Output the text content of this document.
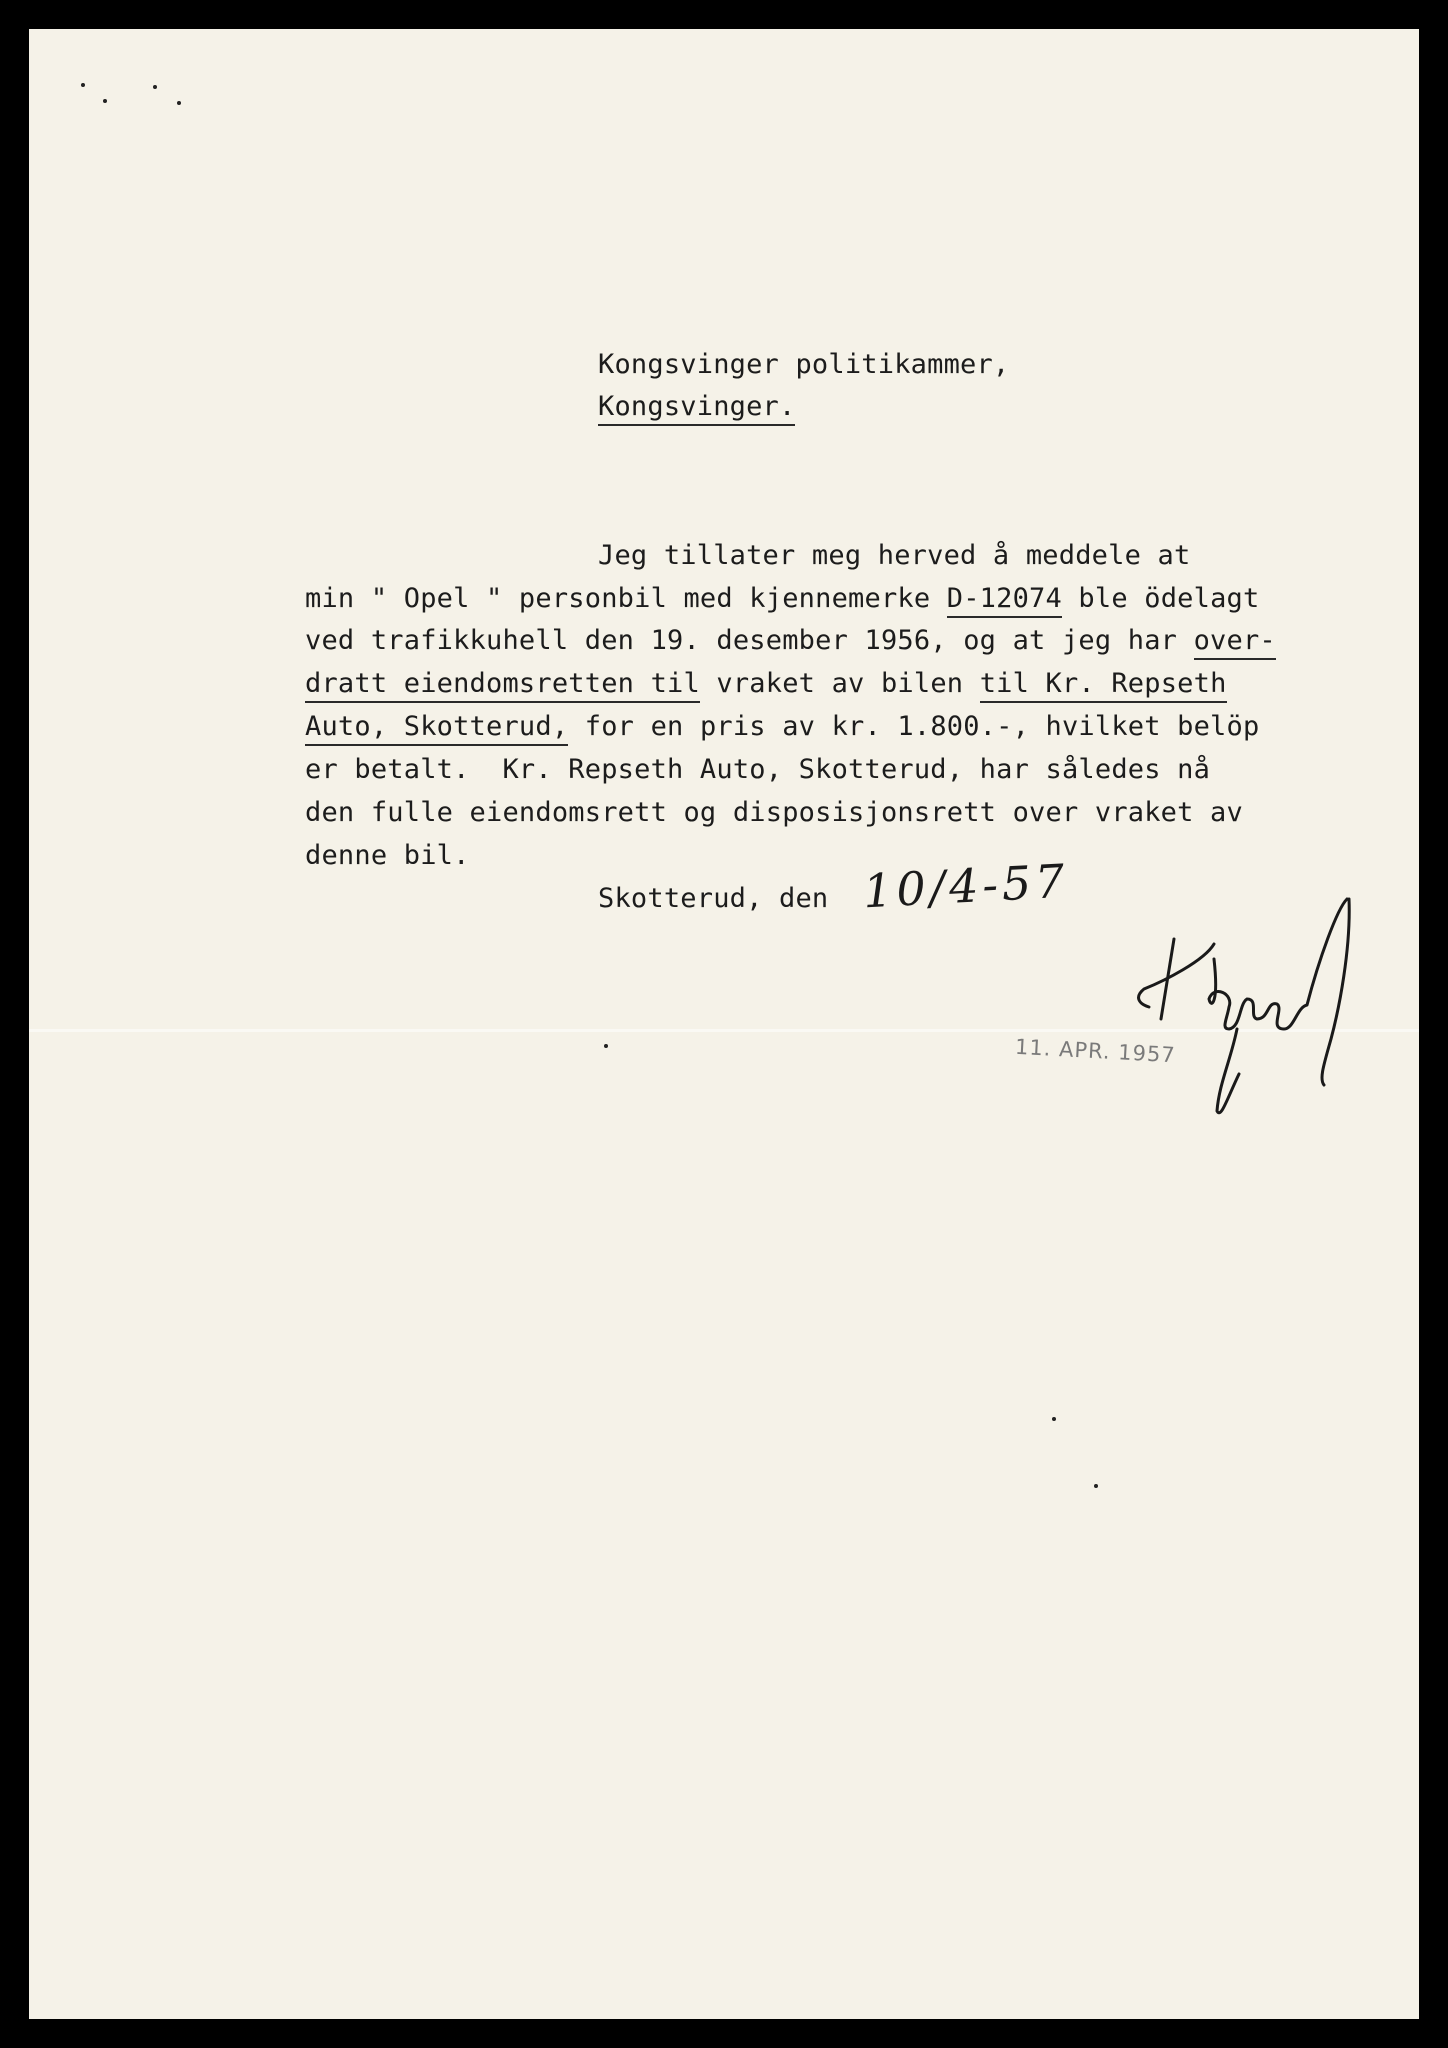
Kongsvinger politikammer,
Kongsvinger.
Jeg tillater meg herved å meddele at
min " Opel " personbil med kjennemerke D-12074 ble ödelagt
ved trafikkuhell den 19. desember 1956, og at jeg har over-
dratt eiendomsretten til vraket av bilen til Kr. Repseth
Auto, Skotterud, for en pris av kr. 1.800.-, hvilket belöp
er betalt.  Kr. Repseth Auto, Skotterud, har således nå
den fulle eiendomsrett og disposisjonsrett over vraket av
denne bil.
Skotterud, den 10/4-57
11. APR. 1957
